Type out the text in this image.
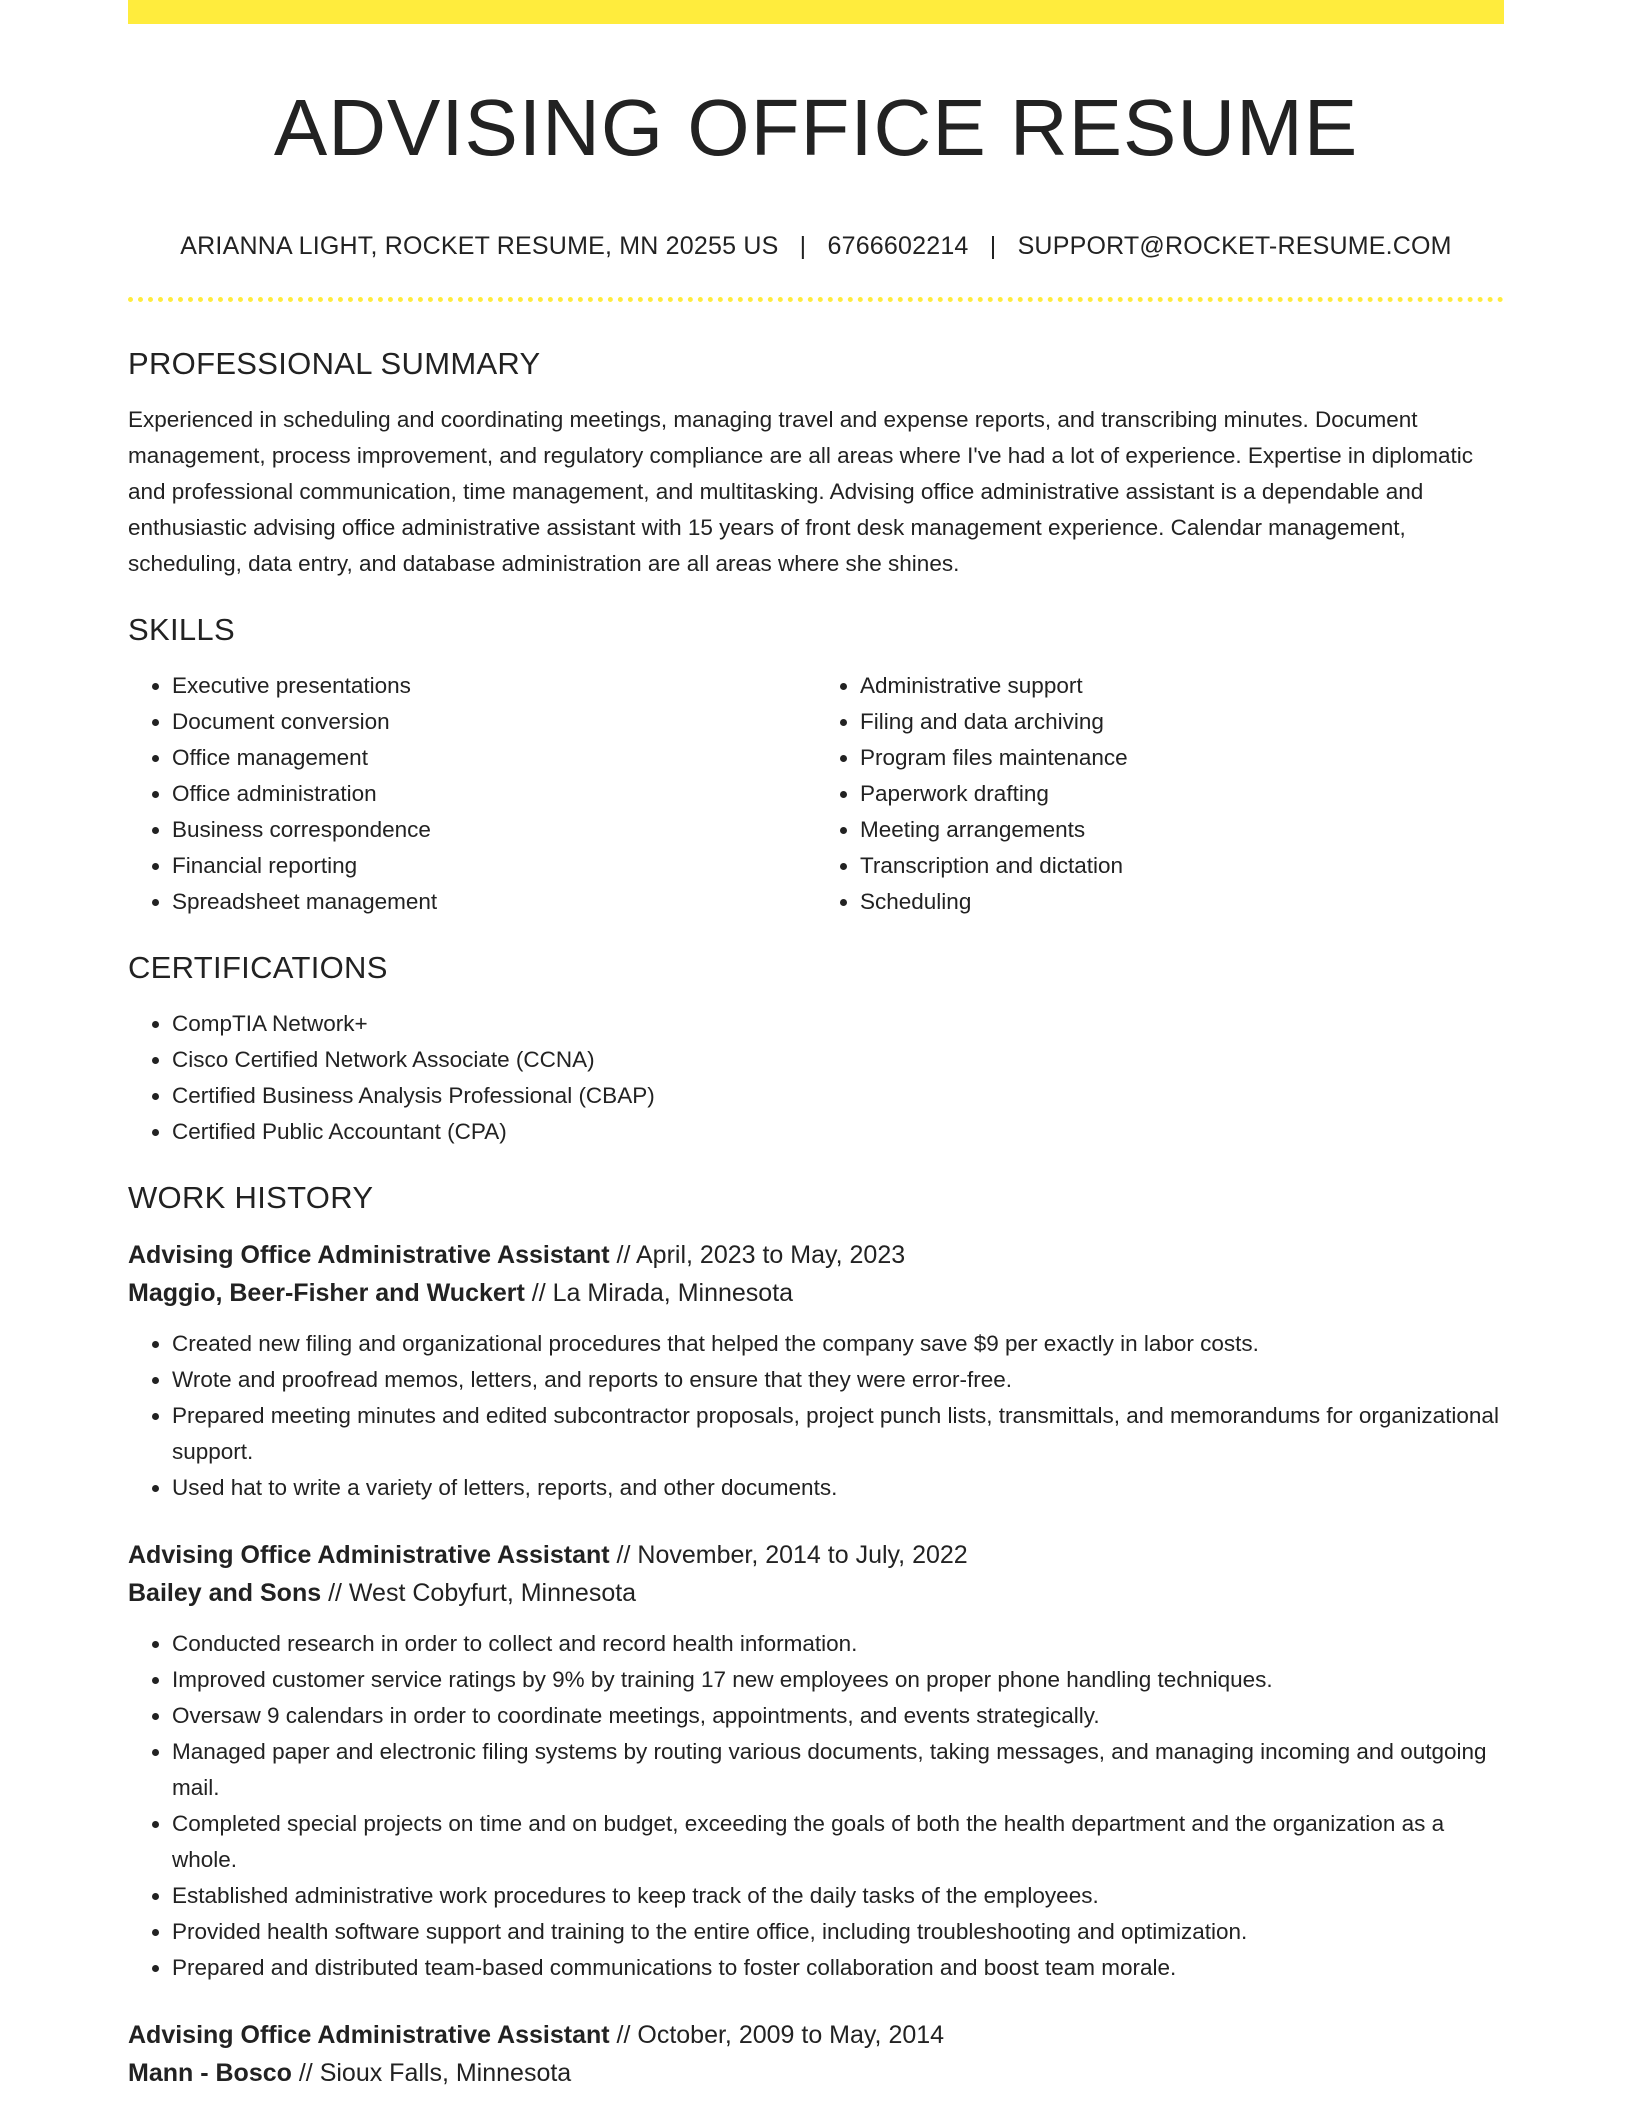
ADVISING OFFICE RESUME
ARIANNA LIGHT, ROCKET RESUME, MN 20255 US | 6766602214 | SUPPORT@ROCKET-RESUME.COM
PROFESSIONAL SUMMARY
Experienced in scheduling and coordinating meetings, managing travel and expense reports, and transcribing minutes. Document management, process improvement, and regulatory compliance are all areas where I've had a lot of experience. Expertise in diplomatic and professional communication, time management, and multitasking. Advising office administrative assistant is a dependable and enthusiastic advising office administrative assistant with 15 years of front desk management experience. Calendar management, scheduling, data entry, and database administration are all areas where she shines.
SKILLS
• Executive presentations
• Document conversion
• Office management
• Office administration
• Business correspondence
• Financial reporting
• Spreadsheet management
• Administrative support
• Filing and data archiving
• Program files maintenance
• Paperwork drafting
• Meeting arrangements
• Transcription and dictation
• Scheduling
CERTIFICATIONS
• CompTIA Network+
• Cisco Certified Network Associate (CCNA)
• Certified Business Analysis Professional (CBAP)
• Certified Public Accountant (CPA)
WORK HISTORY
Advising Office Administrative Assistant // April, 2023 to May, 2023
Maggio, Beer-Fisher and Wuckert // La Mirada, Minnesota
• Created new filing and organizational procedures that helped the company save $9 per exactly in labor costs.
• Wrote and proofread memos, letters, and reports to ensure that they were error-free.
• Prepared meeting minutes and edited subcontractor proposals, project punch lists, transmittals, and memorandums for organizational support.
• Used hat to write a variety of letters, reports, and other documents.
Advising Office Administrative Assistant // November, 2014 to July, 2022
Bailey and Sons // West Cobyfurt, Minnesota
• Conducted research in order to collect and record health information.
• Improved customer service ratings by 9% by training 17 new employees on proper phone handling techniques.
• Oversaw 9 calendars in order to coordinate meetings, appointments, and events strategically.
• Managed paper and electronic filing systems by routing various documents, taking messages, and managing incoming and outgoing mail.
• Completed special projects on time and on budget, exceeding the goals of both the health department and the organization as a whole.
• Established administrative work procedures to keep track of the daily tasks of the employees.
• Provided health software support and training to the entire office, including troubleshooting and optimization.
• Prepared and distributed team-based communications to foster collaboration and boost team morale.
Advising Office Administrative Assistant // October, 2009 to May, 2014
Mann - Bosco // Sioux Falls, Minnesota
